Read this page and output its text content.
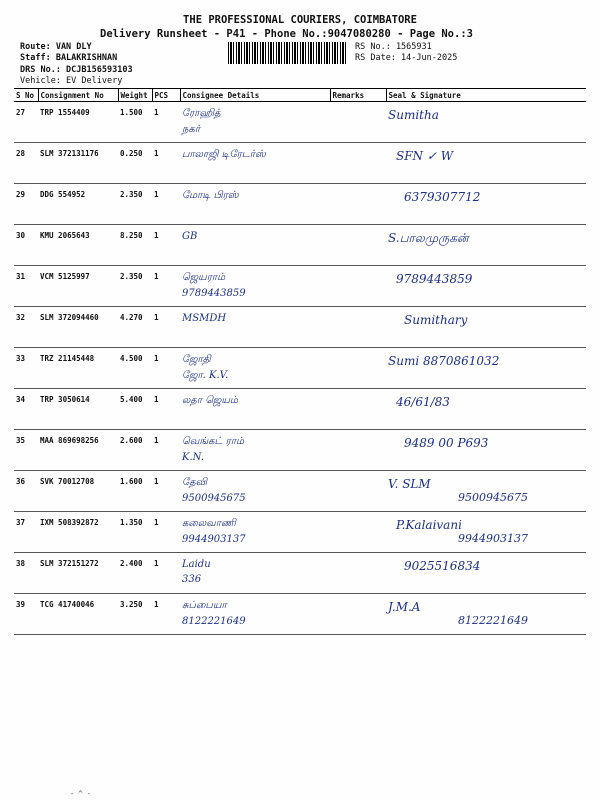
THE PROFESSIONAL COURIERS, COIMBATORE
Delivery Runsheet - P41 - Phone No.:9047080280 - Page No.:3
Route: VAN DLY
Staff: BALAKRISHNAN
DRS No.: DCJB156593103
Vehicle: EV Delivery
RS No.: 1565931
RS Date: 14-Jun-2025
S No	Consignment No	Weight	PCS	Consignee Details	Remarks	Seal & Signature
27	TRP 1554409	1.500	1	ரோஹித்
நகர்		Sumitha

28	SLM 372131176	0.250	1	பாலாஜி டிரேடர்ஸ்		SFN ✓ W

29	DDG 554952	2.350	1	மோடி பிரஸ்		6379307712

30	KMU 2065643	8.250	1	GB		S.பாலமுருகன்

31	VCM 5125997	2.350	1	ஜெயராம்
9789443859		9789443859

32	SLM 372094460	4.270	1	MSMDH		Sumithary

33	TRZ 21145448	4.500	1	ஜோதி
ஜோ. K.V.		Sumi 8870861032

34	TRP 3050614	5.400	1	லதா ஜெயம்		46/61/83

35	MAA 869698256	2.600	1	வெங்கட் ராம்
K.N.		9489 00 P693

36	SVK 70012708	1.600	1	தேவி
9500945675		V. SLM
9500945675

37	IXM 508392872	1.350	1	கலைவாணி
9944903137		P.Kalaivani
9944903137

38	SLM 372151272	2.400	1	Laidu
336		9025516834

39	TCG 41740046	3.250	1	சுப்பையா
8122221649		J.M.A
8122221649
- ^ -
